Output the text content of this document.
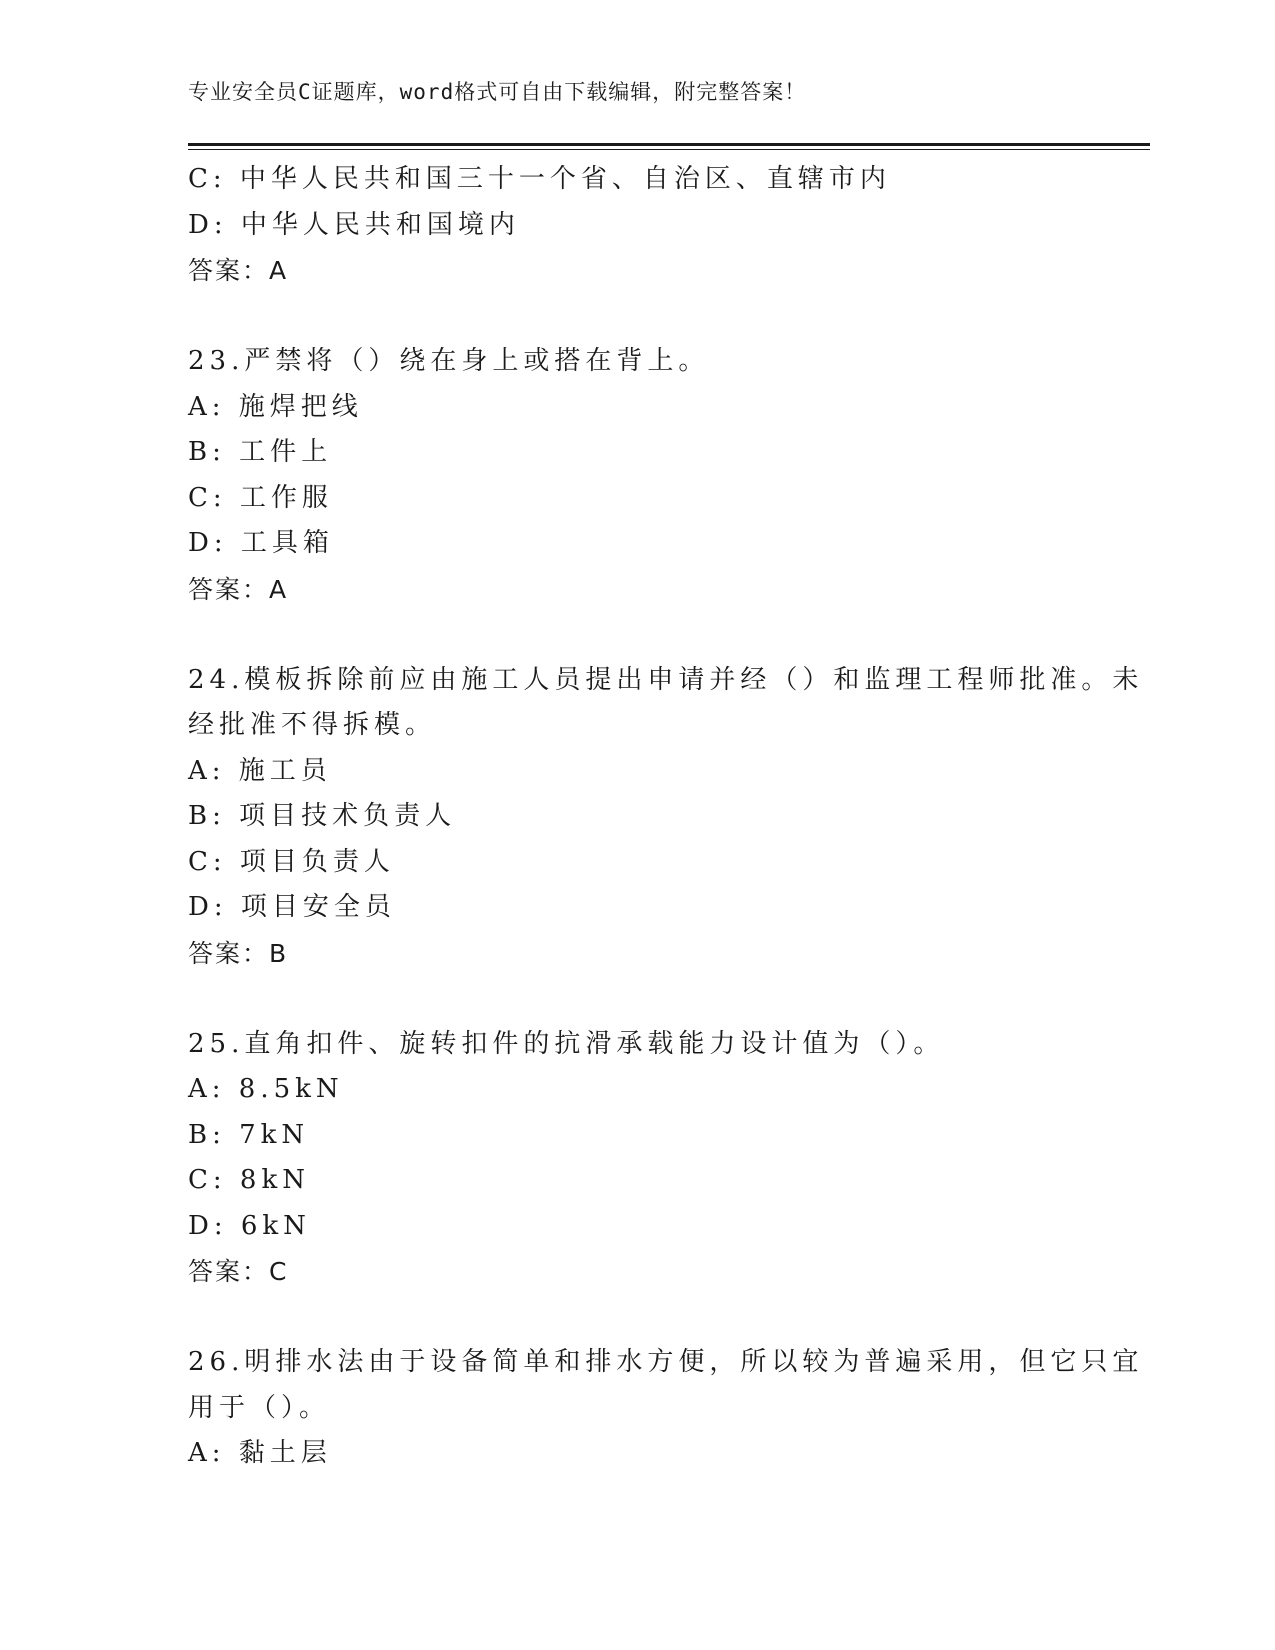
专业安全员C证题库，word格式可自由下载编辑，附完整答案！
C: 中华人民共和国三十一个省、自治区、直辖市内
D: 中华人民共和国境内
答案：A
23.严禁将（）绕在身上或搭在背上。
A: 施焊把线
B: 工件上
C: 工作服
D: 工具箱
答案：A
24.模板拆除前应由施工人员提出申请并经（）和监理工程师批准。未
经批准不得拆模。
A: 施工员
B: 项目技术负责人
C: 项目负责人
D: 项目安全员
答案：B
25.直角扣件、旋转扣件的抗滑承载能力设计值为（）。
A: 8.5kN
B: 7kN
C: 8kN
D: 6kN
答案：C
26.明排水法由于设备简单和排水方便，所以较为普遍采用，但它只宜
用于（）。
A: 黏土层
